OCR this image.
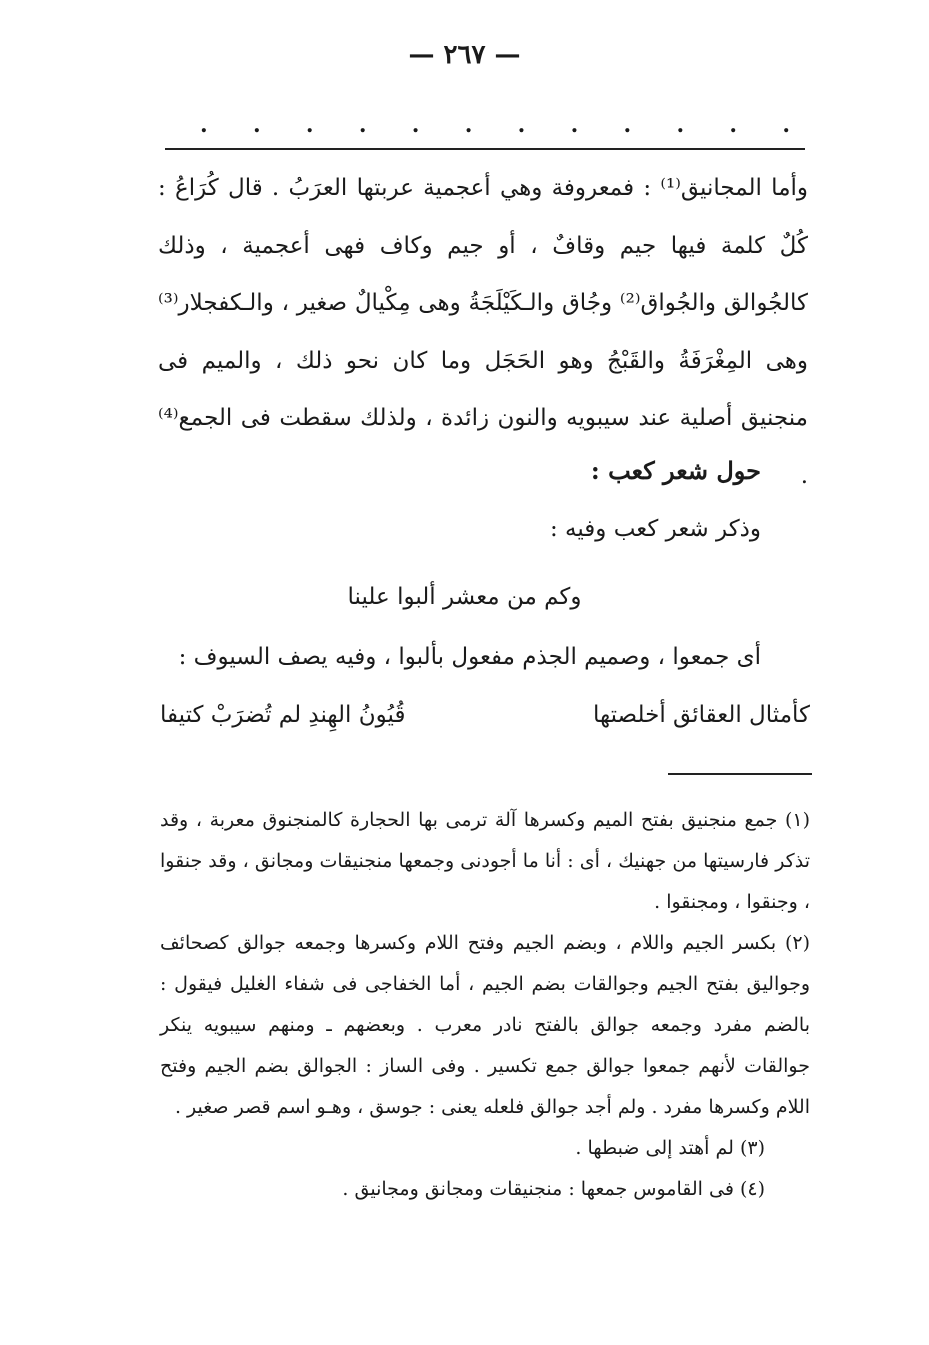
— ٢٦٧ —
.
.
.
.
.
.
.
.
.
.
.
.

وأما المجانيق⁽¹⁾ : فمعروفة وهي أعجمية عربتها العرَبُ . قال كُرَاعُ : كُلٌ كلمة فيها جيم وقافٌ ، أو جيم وكاف فهى أعجمية ، وذلك كالجُوالق والجُواق⁽²⁾ وجُاق والـكَيْلَجَةُ وهى مِكْيالٌ صغير ، والـكفجلار⁽³⁾ وهى المِغْرَفَةُ والقَبْجُ وهو الحَجَل وما كان نحو ذلك ، والميم فى منجنيق أصلية عند سيبويه والنون زائدة ، ولذلك سقطت فى الجمع⁽⁴⁾ .

حول شعر كعب :
وذكر شعر كعب وفيه :
وكم من معشر ألبوا علينا
أى جمعوا ، وصميم الجذم مفعول بألبوا ، وفيه يصف السيوف :
كأمثال العقائق أخلصتها
قُيُونُ الهِندِ لم تُضرَبْ كتيفا

(١) جمع منجنيق بفتح الميم وكسرها آلة ترمى بها الحجارة كالمنجنوق معربة ، وقد تذكر فارسيتها من جهنيك ، أى : أنا ما أجودنى وجمعها منجنيقات ومجانق ، وقد جنقوا ، وجنقوا ، ومجنقوا .

(٢) بكسر الجيم واللام ، وبضم الجيم وفتح اللام وكسرها وجمعه جوالق كصحائف وجواليق بفتح الجيم وجوالقات بضم الجيم ، أما الخفاجى فى شفاء الغليل فيقول : بالضم مفرد وجمعه جوالق بالفتح نادر معرب . وبعضهم ـ ومنهم سيبويه ينكر جوالقات لأنهم جمعوا جوالق جمع تكسير . وفى الساز : الجوالق بضم الجيم وفتح اللام وكسرها مفرد . ولم أجد جوالق فلعله يعنى : جوسق ، وهـو اسم قصر صغير .

(٣) لم أهتد إلى ضبطها .

(٤) فى القاموس جمعها : منجنيقات ومجانق ومجانيق .
